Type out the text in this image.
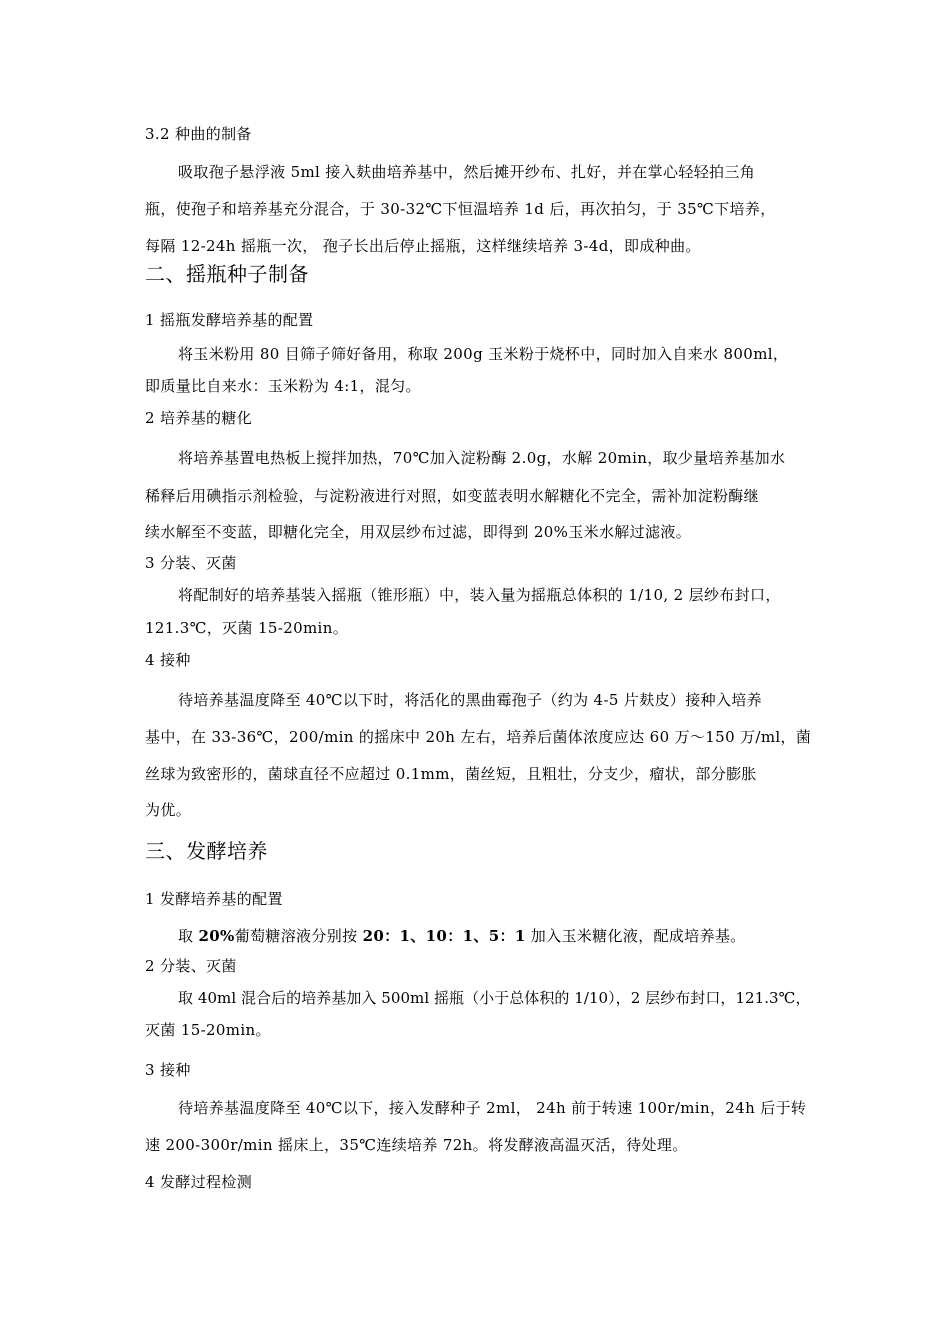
3.2 种曲的制备
吸取孢子悬浮液 5ml 接入麸曲培养基中，然后摊开纱布、扎好，并在掌心轻轻拍三角
瓶，使孢子和培养基充分混合，于 30-32℃下恒温培养 1d 后，再次拍匀，于 35℃下培养，
每隔 12-24h 摇瓶一次， 孢子长出后停止摇瓶，这样继续培养 3-4d，即成种曲。
二、摇瓶种子制备
1 摇瓶发酵培养基的配置
将玉米粉用 80 目筛子筛好备用，称取 200g 玉米粉于烧杯中，同时加入自来水 800ml，
即质量比自来水：玉米粉为 4:1，混匀。
2 培养基的糖化
将培养基置电热板上搅拌加热，70℃加入淀粉酶 2.0g，水解 20min，取少量培养基加水
稀释后用碘指示剂检验，与淀粉液进行对照，如变蓝表明水解糖化不完全，需补加淀粉酶继
续水解至不变蓝，即糖化完全，用双层纱布过滤，即得到 20%玉米水解过滤液。
3 分装、灭菌
将配制好的培养基装入摇瓶（锥形瓶）中，装入量为摇瓶总体积的 1/10, 2 层纱布封口，
121.3℃，灭菌 15-20min。
4 接种
待培养基温度降至 40℃以下时，将活化的黑曲霉孢子（约为 4-5 片麸皮）接种入培养
基中，在 33-36℃，200/min 的摇床中 20h 左右，培养后菌体浓度应达 60 万～150 万/ml，菌
丝球为致密形的，菌球直径不应超过 0.1mm，菌丝短，且粗壮，分支少，瘤状，部分膨胀
为优。
三、发酵培养
1 发酵培养基的配置
取 20%葡萄糖溶液分别按 20：1、10：1、5：1 加入玉米糖化液，配成培养基。
2 分装、灭菌
取 40ml 混合后的培养基加入 500ml 摇瓶（小于总体积的 1/10），2 层纱布封口，121.3℃，
灭菌 15-20min。
3 接种
待培养基温度降至 40℃以下，接入发酵种子 2ml， 24h 前于转速 100r/min，24h 后于转
速 200-300r/min 摇床上，35℃连续培养 72h。将发酵液高温灭活，待处理。
4 发酵过程检测
